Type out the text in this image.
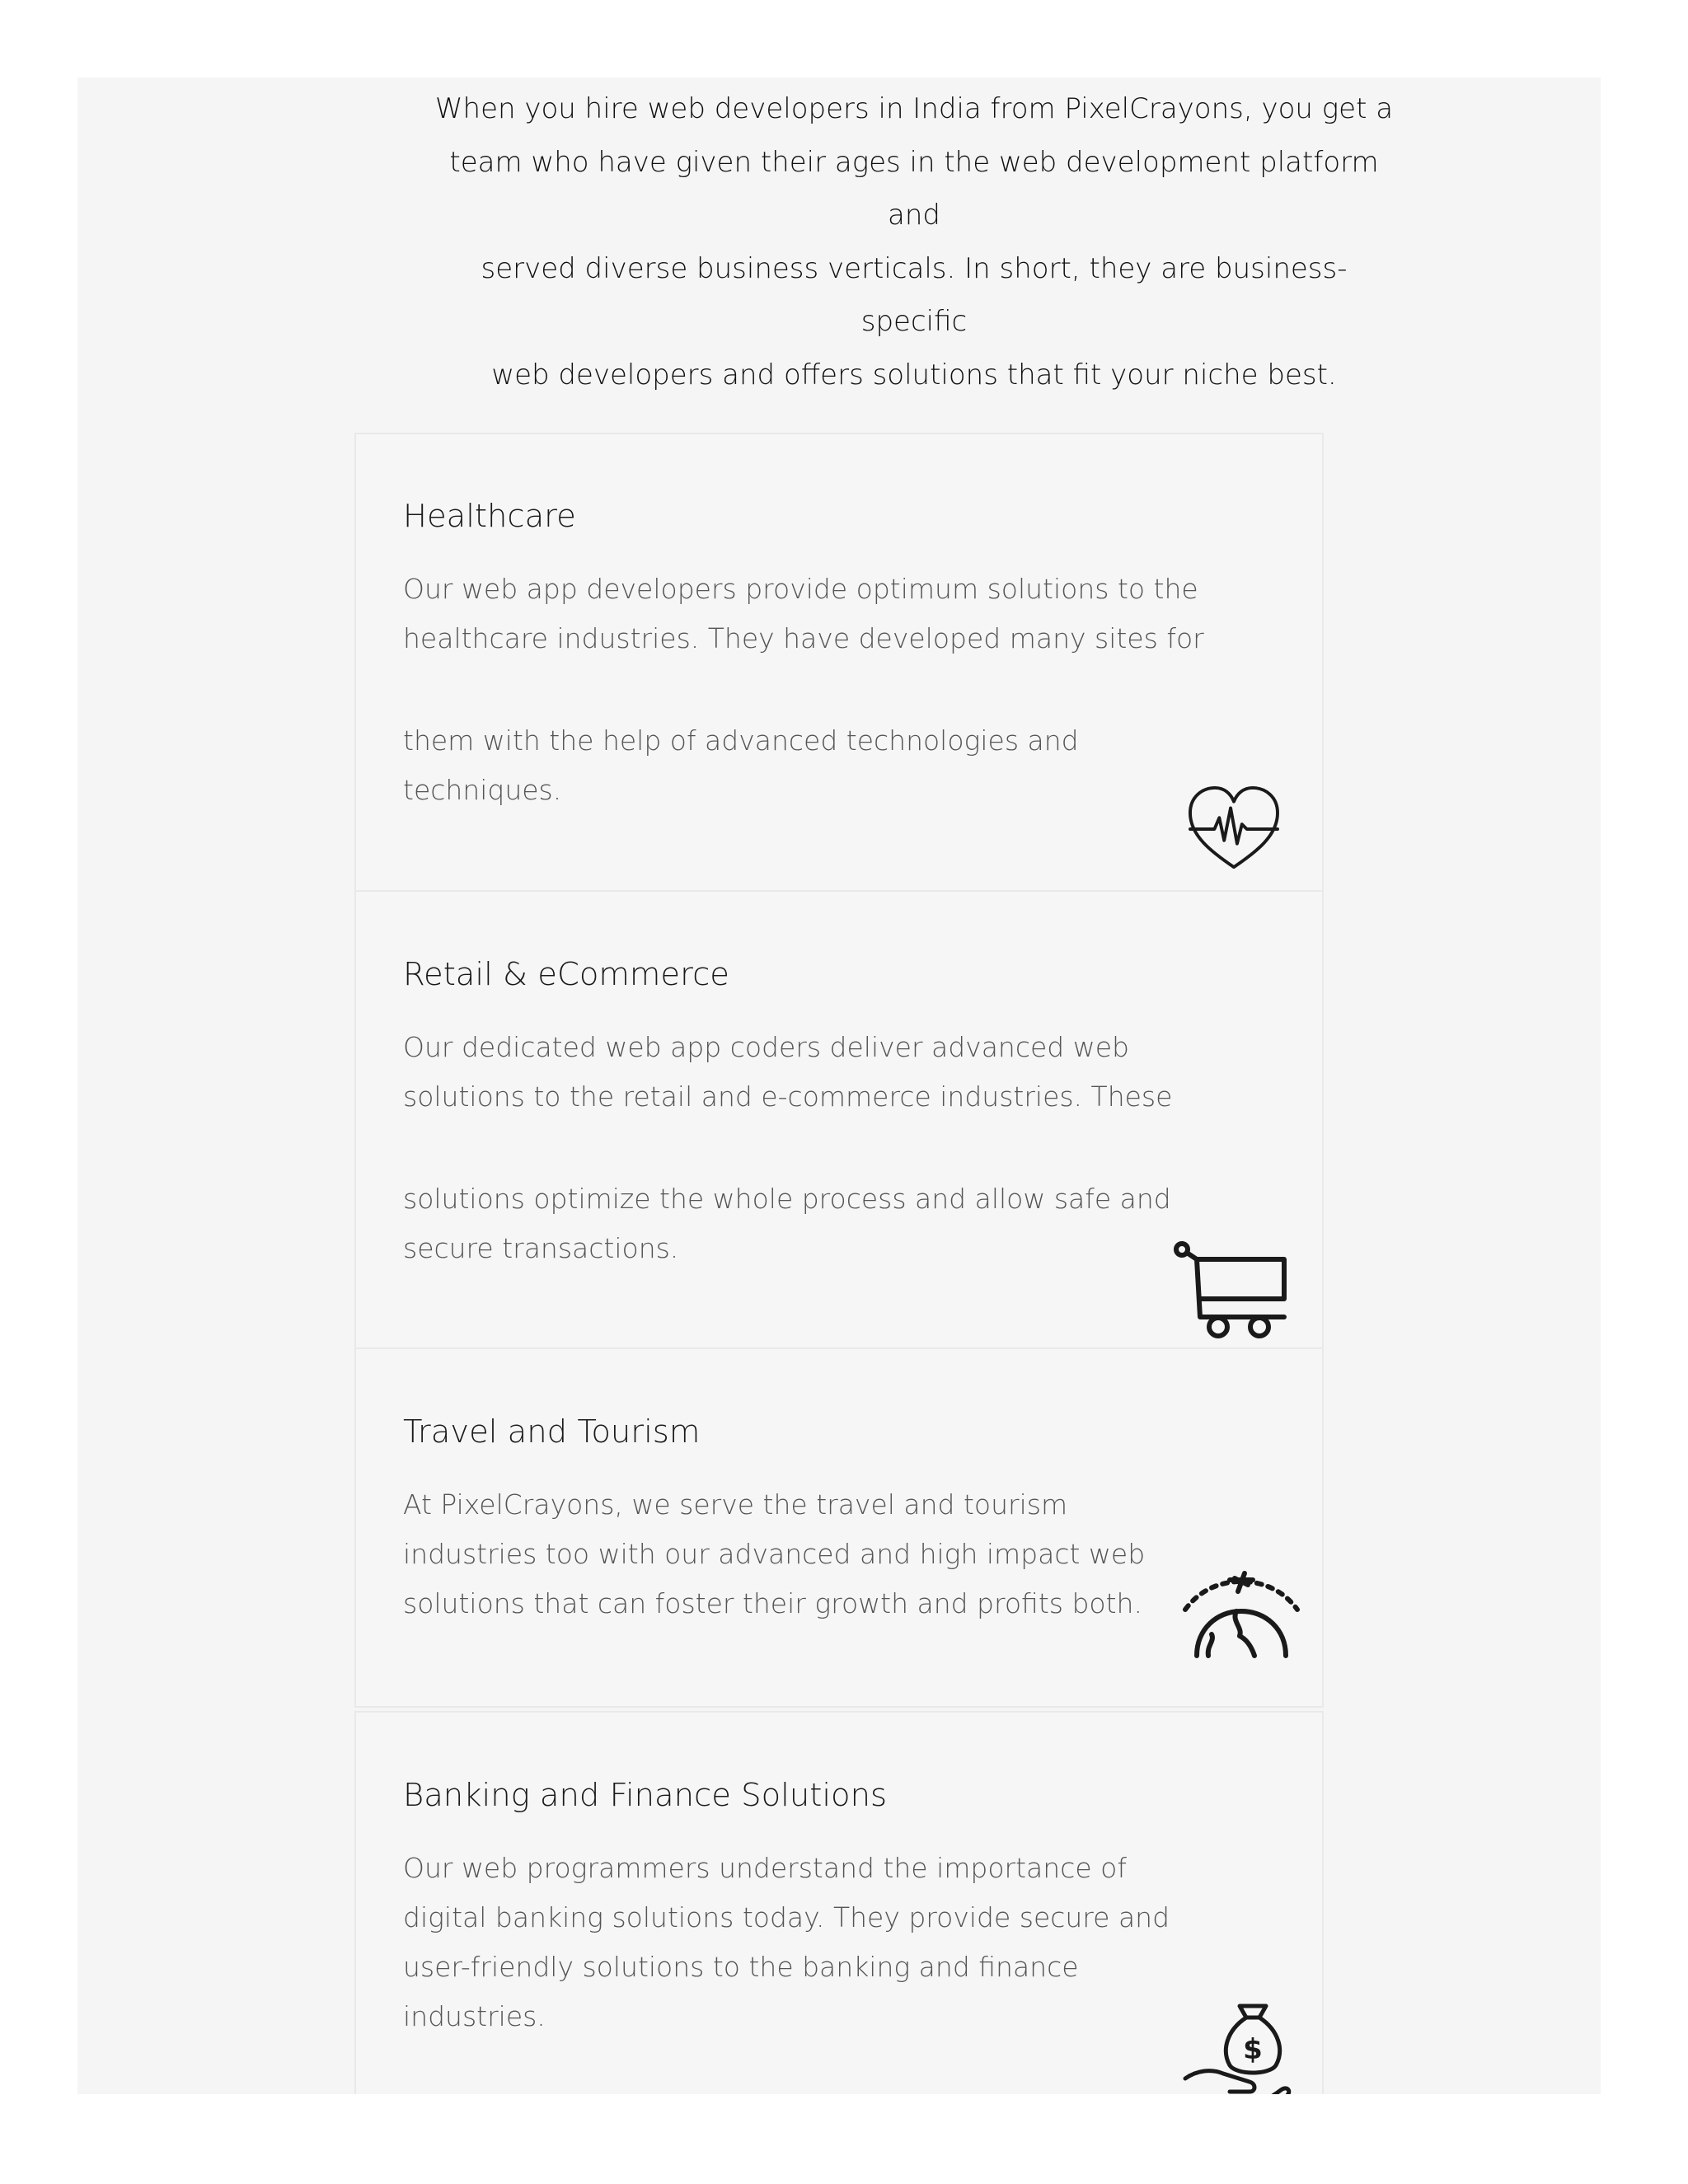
When you hire web developers in India from PixelCrayons, you get a
team who have given their ages in the web development platform and
served diverse business verticals. In short, they are business-specific
web developers and offers solutions that fit your niche best.

Healthcare

Our web app developers provide optimum solutions to the

healthcare industries. They have developed many sites for

them with the help of advanced technologies and

techniques.

Retail & eCommerce

Our dedicated web app coders deliver advanced web

solutions to the retail and e-commerce industries. These

solutions optimize the whole process and allow safe and

secure transactions.

Travel and Tourism

At PixelCrayons, we serve the travel and tourism

industries too with our advanced and high impact web

solutions that can foster their growth and profits both.

Banking and Finance Solutions

Our web programmers understand the importance of

digital banking solutions today. They provide secure and

user-friendly solutions to the banking and finance

industries.

$
